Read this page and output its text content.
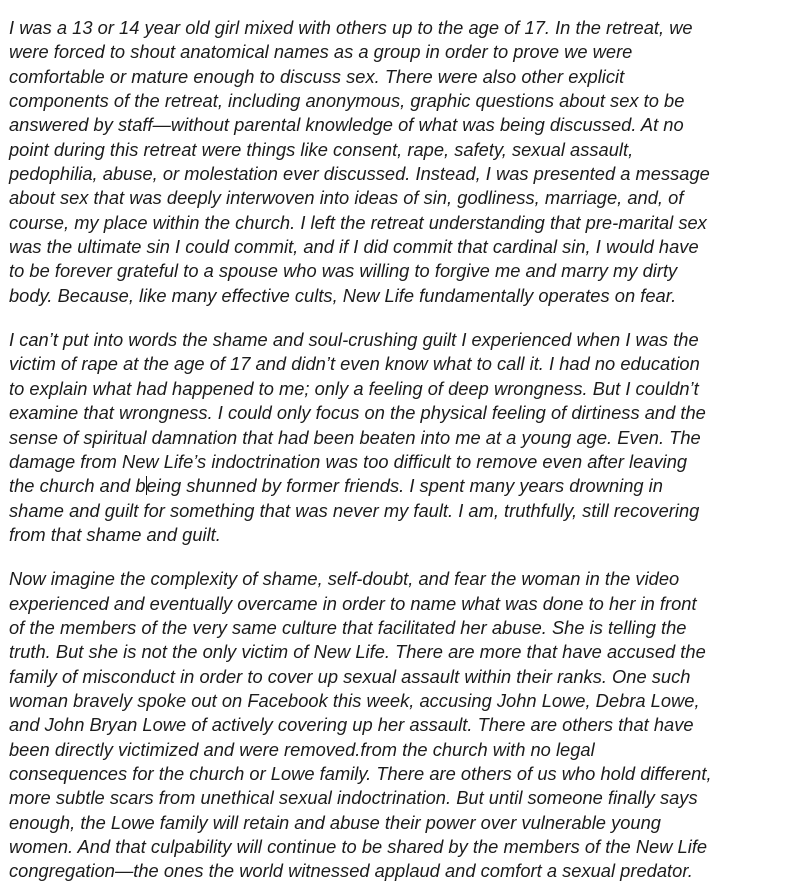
I was a 13 or 14 year old girl mixed with others up to the age of 17. In the retreat, we
were forced to shout anatomical names as a group in order to prove we were
comfortable or mature enough to discuss sex. There were also other explicit
components of the retreat, including anonymous, graphic questions about sex to be
answered by staff—without parental knowledge of what was being discussed. At no
point during this retreat were things like consent, rape, safety, sexual assault,
pedophilia, abuse, or molestation ever discussed. Instead, I was presented a message
about sex that was deeply interwoven into ideas of sin, godliness, marriage, and, of
course, my place within the church. I left the retreat understanding that pre-marital sex
was the ultimate sin I could commit, and if I did commit that cardinal sin, I would have
to be forever grateful to a spouse who was willing to forgive me and marry my dirty
body. Because, like many effective cults, New Life fundamentally operates on fear.

I can’t put into words the shame and soul-crushing guilt I experienced when I was the
victim of rape at the age of 17 and didn’t even know what to call it. I had no education
to explain what had happened to me; only a feeling of deep wrongness. But I couldn’t
examine that wrongness. I could only focus on the physical feeling of dirtiness and the
sense of spiritual damnation that had been beaten into me at a young age. Even. The
damage from New Life’s indoctrination was too difficult to remove even after leaving
the church and being shunned by former friends. I spent many years drowning in
shame and guilt for something that was never my fault. I am, truthfully, still recovering
from that shame and guilt.

Now imagine the complexity of shame, self-doubt, and fear the woman in the video
experienced and eventually overcame in order to name what was done to her in front
of the members of the very same culture that facilitated her abuse. She is telling the
truth. But she is not the only victim of New Life. There are more that have accused the
family of misconduct in order to cover up sexual assault within their ranks. One such
woman bravely spoke out on Facebook this week, accusing John Lowe, Debra Lowe,
and John Bryan Lowe of actively covering up her assault. There are others that have
been directly victimized and were removed.from the church with no legal
consequences for the church or Lowe family. There are others of us who hold different,
more subtle scars from unethical sexual indoctrination. But until someone finally says
enough, the Lowe family will retain and abuse their power over vulnerable young
women. And that culpability will continue to be shared by the members of the New Life
congregation—the ones the world witnessed applaud and comfort a sexual predator.
